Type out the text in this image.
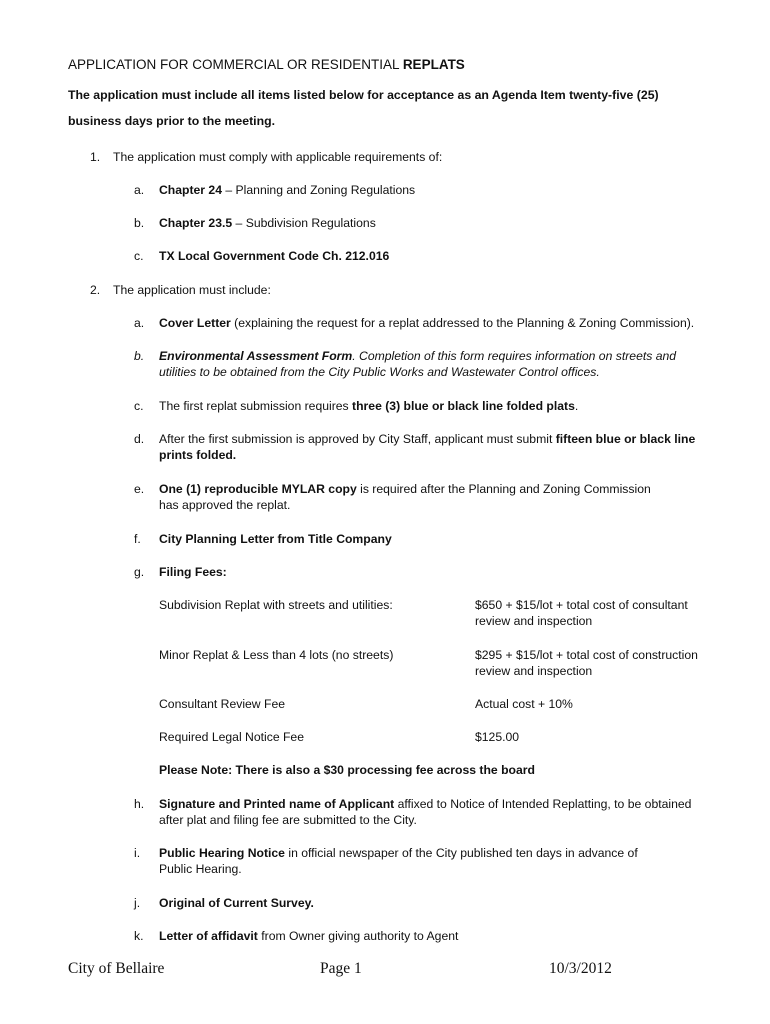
APPLICATION FOR COMMERCIAL OR RESIDENTIAL REPLATS
The application must include all items listed below for acceptance as an Agenda Item twenty-five (25)
business days prior to the meeting.
1. The application must comply with applicable requirements of:
a. Chapter 24 – Planning and Zoning Regulations
b. Chapter 23.5 – Subdivision Regulations
c. TX Local Government Code Ch. 212.016
2. The application must include:
a. Cover Letter (explaining the request for a replat addressed to the Planning & Zoning Commission).
b. Environmental Assessment Form. Completion of this form requires information on streets and utilities to be obtained from the City Public Works and Wastewater Control offices.
c. The first replat submission requires three (3) blue or black line folded plats.
d. After the first submission is approved by City Staff, applicant must submit fifteen blue or black line prints folded.
e. One (1) reproducible MYLAR copy is required after the Planning and Zoning Commission has approved the replat.
f. City Planning Letter from Title Company
g. Filing Fees:
Subdivision Replat with streets and utilities:	$650 + $15/lot + total cost of consultant review and inspection
Minor Replat & Less than 4 lots (no streets)	$295 + $15/lot + total cost of construction review and inspection
Consultant Review Fee	Actual cost + 10%
Required Legal Notice Fee	$125.00
Please Note: There is also a $30 processing fee across the board
h. Signature and Printed name of Applicant affixed to Notice of Intended Replatting, to be obtained after plat and filing fee are submitted to the City.
i. Public Hearing Notice in official newspaper of the City published ten days in advance of Public Hearing.
j. Original of Current Survey.
k. Letter of affidavit from Owner giving authority to Agent
City of Bellaire	Page 1	10/3/2012
